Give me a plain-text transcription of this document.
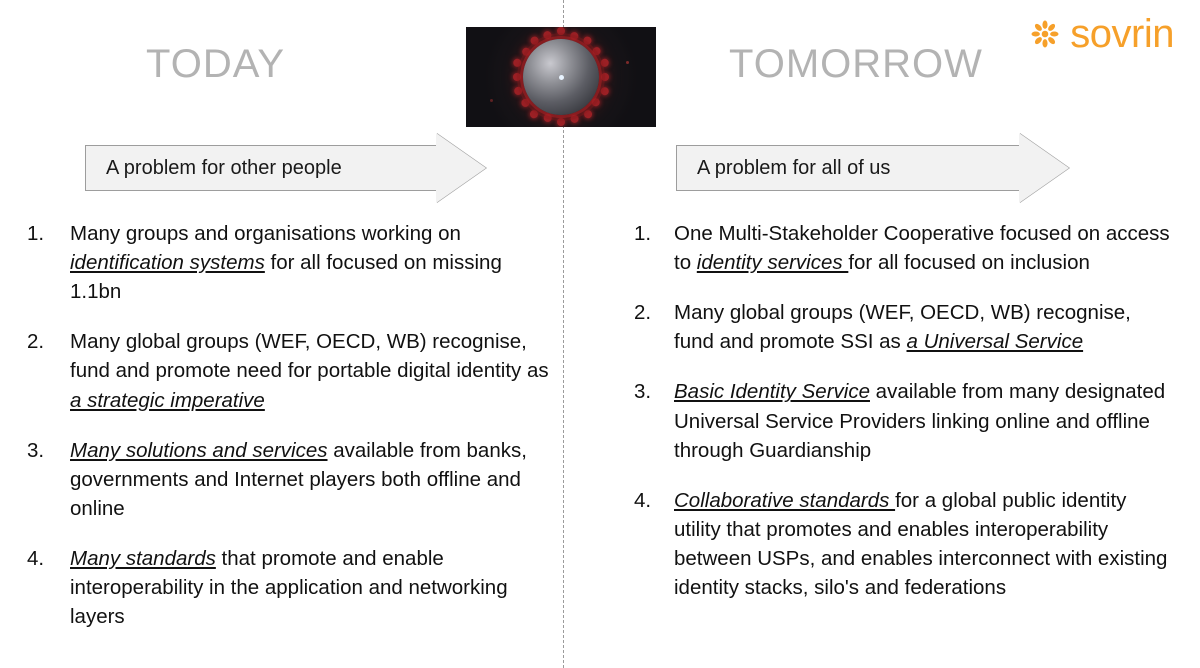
sovrin
TODAY	TOMORROW
A problem for other people	A problem for all of us
1.	Many groups and organisations working on identification systems for all focused on missing 1.1bn
2.	Many global groups (WEF, OECD, WB) recognise, fund and promote need for portable digital identity as a strategic imperative
3.	Many solutions and services available from banks, governments and Internet players both offline and online
4.	Many standards that promote and enable interoperability in the application and networking layers
1.	One Multi-Stakeholder Cooperative focused on access to identity services for all focused on inclusion
2.	Many global groups (WEF, OECD, WB) recognise, fund and promote SSI as a Universal Service
3.	Basic Identity Service available from many designated Universal Service Providers linking online and offline through Guardianship
4.	Collaborative standards for a global public identity utility that promotes and enables interoperability between USPs, and enables interconnect with existing identity stacks, silo's and federations
